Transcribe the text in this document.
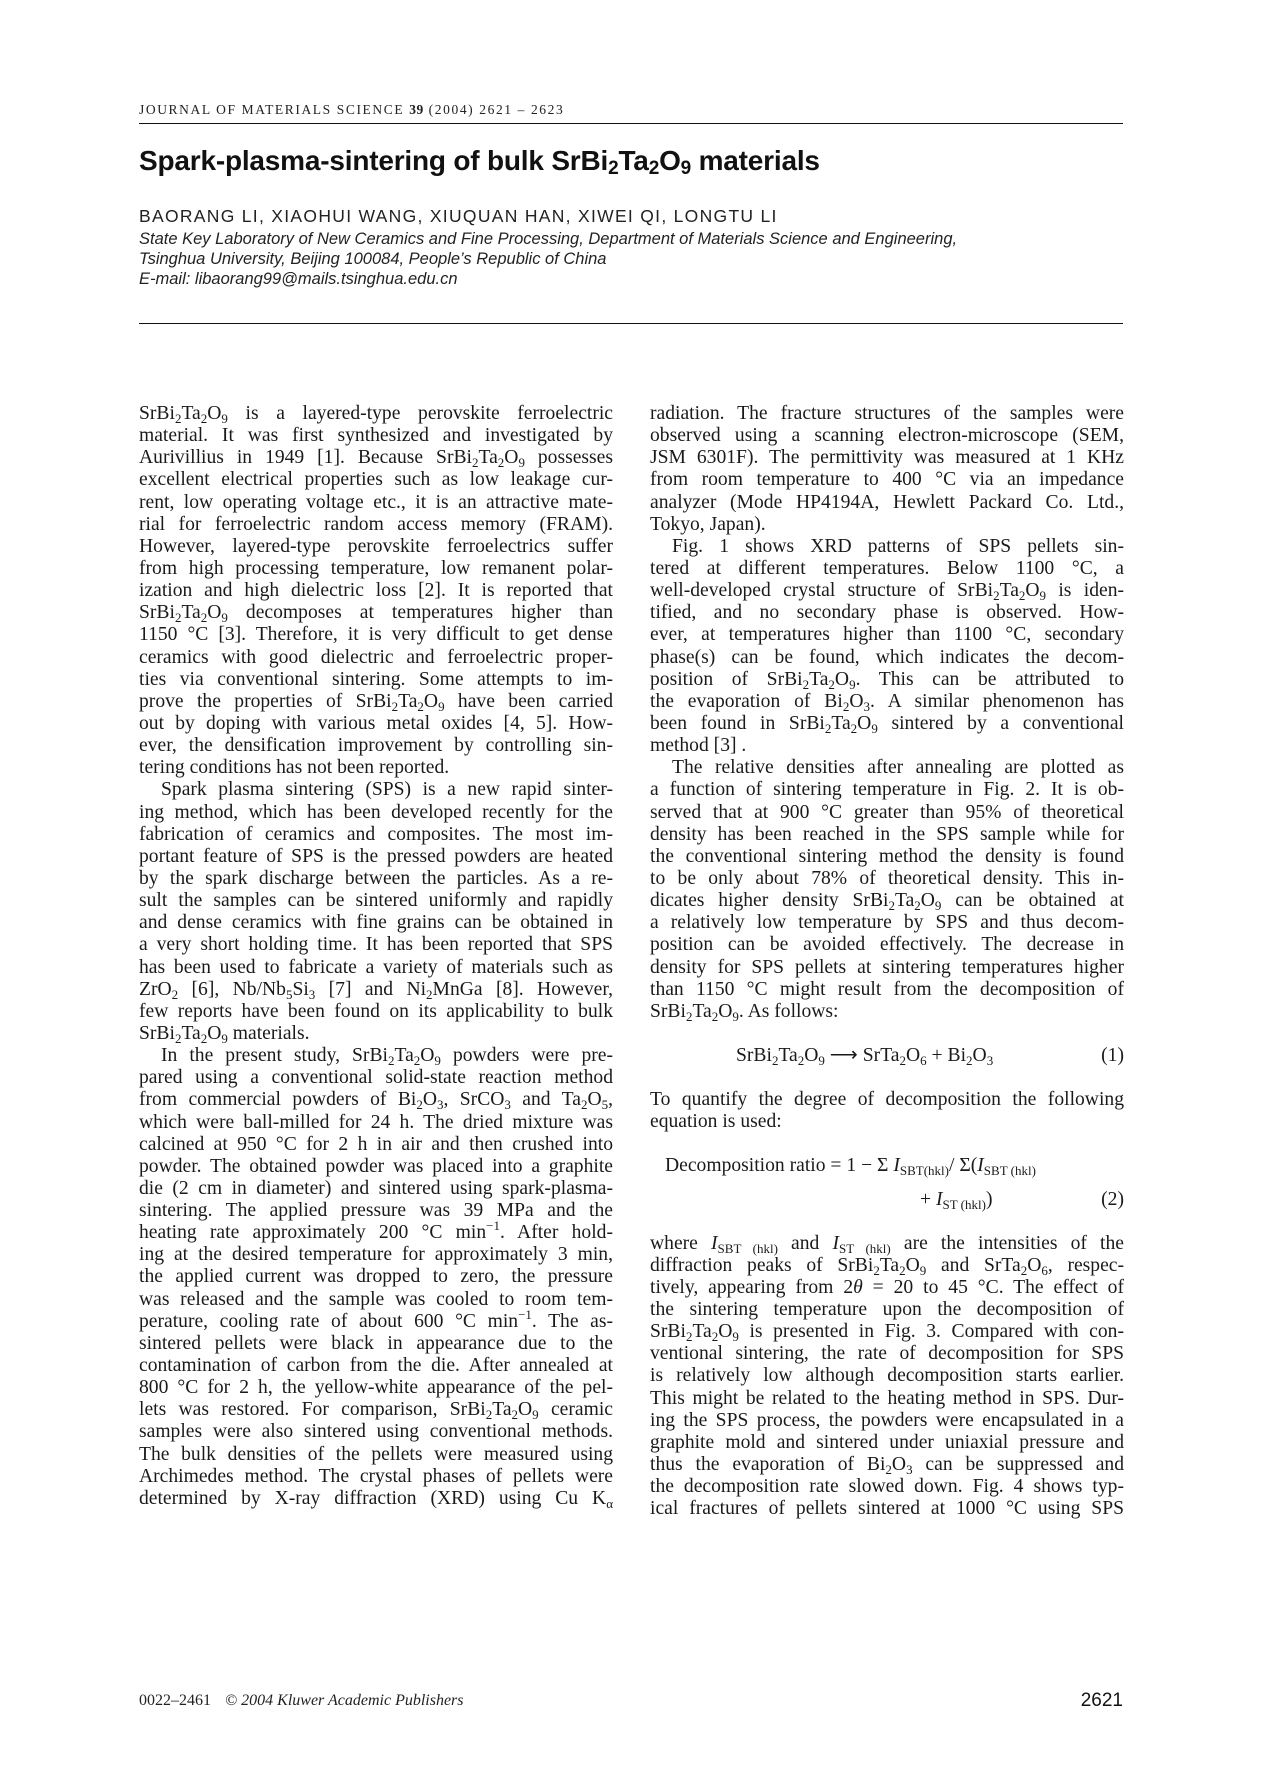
JOURNAL OF MATERIALS SCIENCE 39 (2004) 2621 – 2623
Spark-plasma-sintering of bulk $SrBi_2Ta_2O_9$ materials
BAORANG LI, XIAOHUI WANG, XIUQUAN HAN, XIWEI QI, LONGTU LI
State Key Laboratory of New Ceramics and Fine Processing, Department of Materials Science and Engineering,
Tsinghua University, Beijing 100084, People’s Republic of China
E-mail: libaorang99@mails.tsinghua.edu.cn
$SrBi_2Ta_2O_9$ is a layered-type perovskite ferroelectric
material. It was first synthesized and investigated by
Aurivillius in 1949 [1]. Because $SrBi_2Ta_2O_9$ possesses
excellent electrical properties such as low leakage cur-
rent, low operating voltage etc., it is an attractive mate-
rial for ferroelectric random access memory (FRAM).
However, layered-type perovskite ferroelectrics suffer
from high processing temperature, low remanent polar-
ization and high dielectric loss [2]. It is reported that
$SrBi_2Ta_2O_9$ decomposes at temperatures higher than
1150 °C [3]. Therefore, it is very difficult to get dense
ceramics with good dielectric and ferroelectric proper-
ties via conventional sintering. Some attempts to im-
prove the properties of $SrBi_2Ta_2O_9$ have been carried
out by doping with various metal oxides [4, 5]. How-
ever, the densification improvement by controlling sin-
tering conditions has not been reported.
Spark plasma sintering (SPS) is a new rapid sinter-
ing method, which has been developed recently for the
fabrication of ceramics and composites. The most im-
portant feature of SPS is the pressed powders are heated
by the spark discharge between the particles. As a re-
sult the samples can be sintered uniformly and rapidly
and dense ceramics with fine grains can be obtained in
a very short holding time. It has been reported that SPS
has been used to fabricate a variety of materials such as
ZrO$_2$ [6], $Nb/Nb_5Si_3$ [7] and $Ni_2MnGa$ [8]. However,
few reports have been found on its applicability to bulk
$SrBi_2Ta_2O_9$ materials.
In the present study, $SrBi_2Ta_2O_9$ powders were pre-
pared using a conventional solid-state reaction method
from commercial powders of $Bi_2O_3$, SrCO$_3$ and $Ta_2O_5$,
which were ball-milled for 24 h. The dried mixture was
calcined at 950 °C for 2 h in air and then crushed into
powder. The obtained powder was placed into a graphite
die (2 cm in diameter) and sintered using spark-plasma-
sintering. The applied pressure was 39 MPa and the
heating rate approximately 200 °C $\min^{-1}$. After hold-
ing at the desired temperature for approximately 3 min,
the applied current was dropped to zero, the pressure
was released and the sample was cooled to room tem-
perature, cooling rate of about 600 °C $\min^{-1}$. The as-
sintered pellets were black in appearance due to the
contamination of carbon from the die. After annealed at
800 °C for 2 h, the yellow-white appearance of the pel-
lets was restored. For comparison, $SrBi_2Ta_2O_9$ ceramic
samples were also sintered using conventional methods.
The bulk densities of the pellets were measured using
Archimedes method. The crystal phases of pellets were
determined by X-ray diffraction (XRD) using Cu $K_\alpha$
radiation. The fracture structures of the samples were
observed using a scanning electron-microscope (SEM,
JSM 6301F). The permittivity was measured at 1 KHz
from room temperature to 400 °C via an impedance
analyzer (Mode HP4194A, Hewlett Packard Co. Ltd.,
Tokyo, Japan).
Fig. 1 shows XRD patterns of SPS pellets sin-
tered at different temperatures. Below 1100 °C, a
well-developed crystal structure of $SrBi_2Ta_2O_9$ is iden-
tified, and no secondary phase is observed. How-
ever, at temperatures higher than 1100 °C, secondary
phase(s) can be found, which indicates the decom-
position of $SrBi_2Ta_2O_9$. This can be attributed to
the evaporation of $Bi_2O_3$. A similar phenomenon has
been found in $SrBi_2Ta_2O_9$ sintered by a conventional
method [3] .
The relative densities after annealing are plotted as
a function of sintering temperature in Fig. 2. It is ob-
served that at 900 °C greater than 95% of theoretical
density has been reached in the SPS sample while for
the conventional sintering method the density is found
to be only about 78% of theoretical density. This in-
dicates higher density $SrBi_2Ta_2O_9$ can be obtained at
a relatively low temperature by SPS and thus decom-
position can be avoided effectively. The decrease in
density for SPS pellets at sintering temperatures higher
than 1150 °C might result from the decomposition of
$SrBi_2Ta_2O_9$. As follows:
$SrBi_2Ta_2O_9$ ⟶ $SrTa_2O_6 + Bi_2O_3$	(1)
To quantify the degree of decomposition the following
equation is used:
Decomposition ratio = 1 − Σ $I_{SBT(hkl)}/$ $\Sigma(I_{SBT (hkl)}$
+ $I_{ST (hkl)}$)	(2)
where $I_{SBT (hkl)}$ and $I_{ST (hkl)}$ are the intensities of the
diffraction peaks of $SrBi_2Ta_2O_9$ and $SrTa_2O_6$, respec-
tively, appearing from 2θ = 20 to 45 °C. The effect of
the sintering temperature upon the decomposition of
$SrBi_2Ta_2O_9$ is presented in Fig. 3. Compared with con-
ventional sintering, the rate of decomposition for SPS
is relatively low although decomposition starts earlier.
This might be related to the heating method in SPS. Dur-
ing the SPS process, the powders were encapsulated in a
graphite mold and sintered under uniaxial pressure and
thus the evaporation of $Bi_2O_3$ can be suppressed and
the decomposition rate slowed down. Fig. 4 shows typ-
ical fractures of pellets sintered at 1000 °C using SPS
0022–2461 © 2004 Kluwer Academic Publishers	2621
